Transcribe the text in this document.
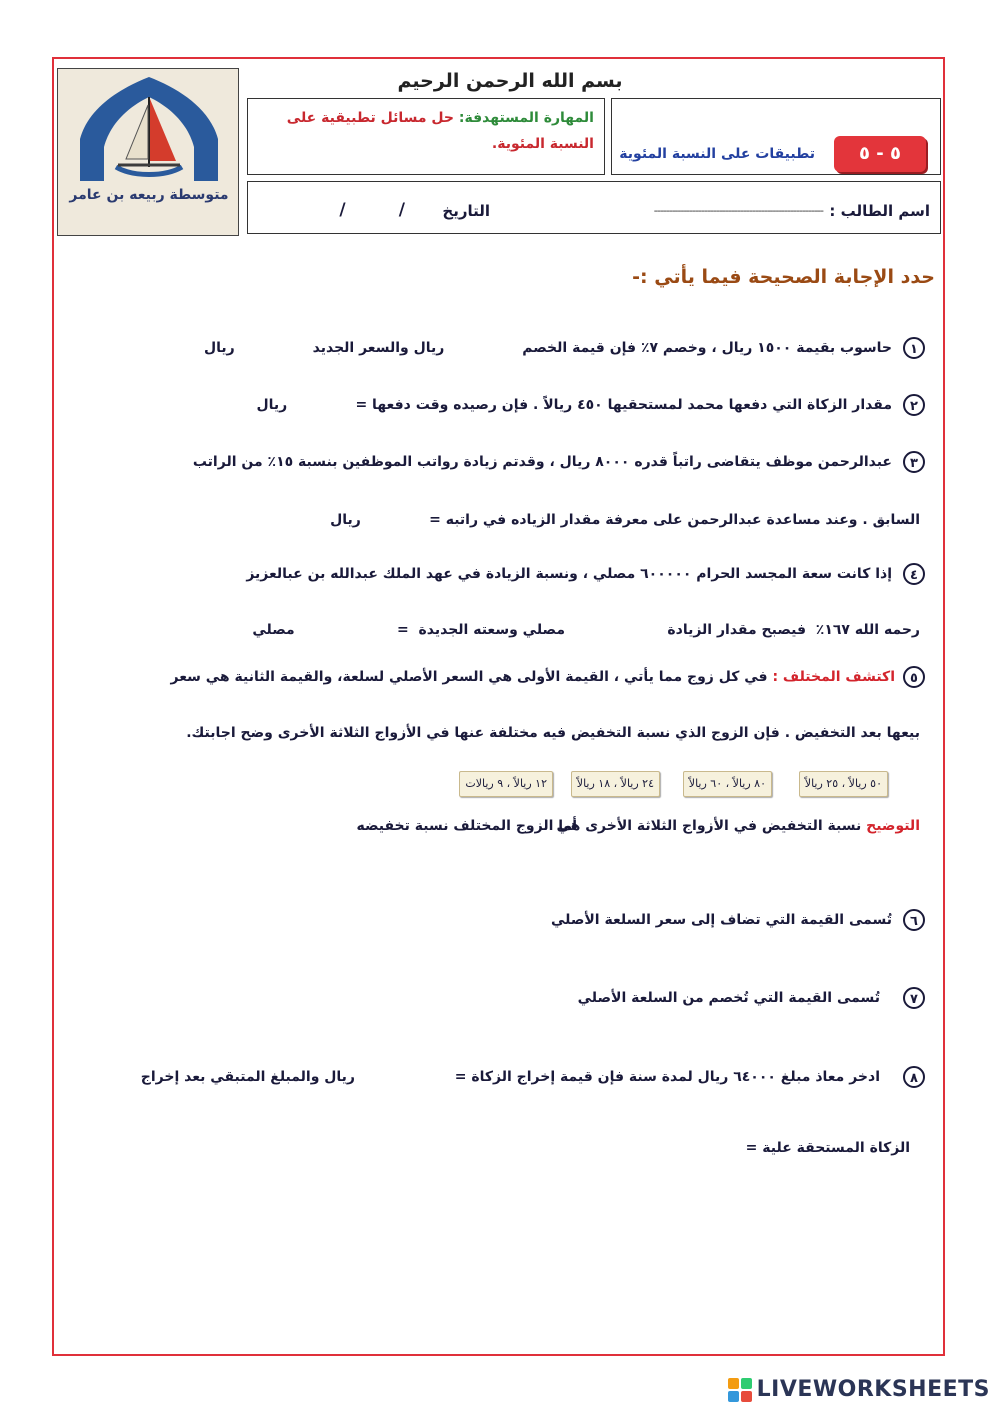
متوسطة ربيعه بن عامر
بسم الله الرحمن الرحيم
المهارة المستهدفة: حل مسائل تطبيقية على النسبة المئوية.
تطبيقات على النسبة المئوية	٥ - ٥
اسم الطالب :
---------------------------------------------------------
التاريخ
/         /
حدد الإجابة الصحيحة فيما يأتي :-
١
حاسوب بقيمة ١٥٠٠ ريال ، وخصم ٧٪ فإن قيمة الخصم                ريال والسعر الجديد                ريال
٢
مقدار الزكاة التي دفعها محمد لمستحقيها ٤٥٠ ريالاً . فإن رصيده وقت دفعها =              ريال
٣
عبدالرحمن موظف يتقاضى راتباً قدره ٨٠٠٠ ريال ، وقدتم زيادة رواتب الموظفين بنسبة ١٥٪ من الراتب
السابق . وعند مساعدة عبدالرحمن على معرفة مقدار الزياده في راتبه =              ريال
٤
إذا كانت سعة المجسد الحرام ٦٠٠٠٠٠ مصلي ، ونسبة الزيادة في عهد الملك عبدالله بن عبالعزيز
رحمه الله ١٦٧٪  فيصبح مقدار الزيادة                     مصلي وسعته الجديدة  =                     مصلي
٥
اكتشف المختلف : في كل زوج مما يأتي ، القيمة الأولى هي السعر الأصلي لسلعة، والقيمة الثانية هي سعر
بيعها بعد التخفيض . فإن الزوج الذي نسبة التخفيض فيه مختلفة عنها في الأزواج الثلاثة الأخرى وضح اجابتك.
٥٠ ريالاً ، ٢٥ ريالاً
٨٠ ريالاً ، ٦٠ ريالاً
٢٤ ريالاً ، ١٨ ريالاً
١٢ ريالاً ، ٩ ريالات
التوضيح نسبة التخفيض في الأزواج الثلاثة الأخرى هي
أما الزوج المختلف نسبة تخفيضه
٦
تُسمى القيمة التي تضاف إلى سعر السلعة الأصلي
٧
تُسمى القيمة التي تُخصم من السلعة الأصلي
٨
ادخر معاذ مبلغ ٦٤٠٠٠ ريال لمدة سنة فإن قيمة إخراج الزكاة =
ريال والمبلغ المتبقي بعد إخراج
الزكاة المستحقة علية =
LIVEWORKSHEETS
